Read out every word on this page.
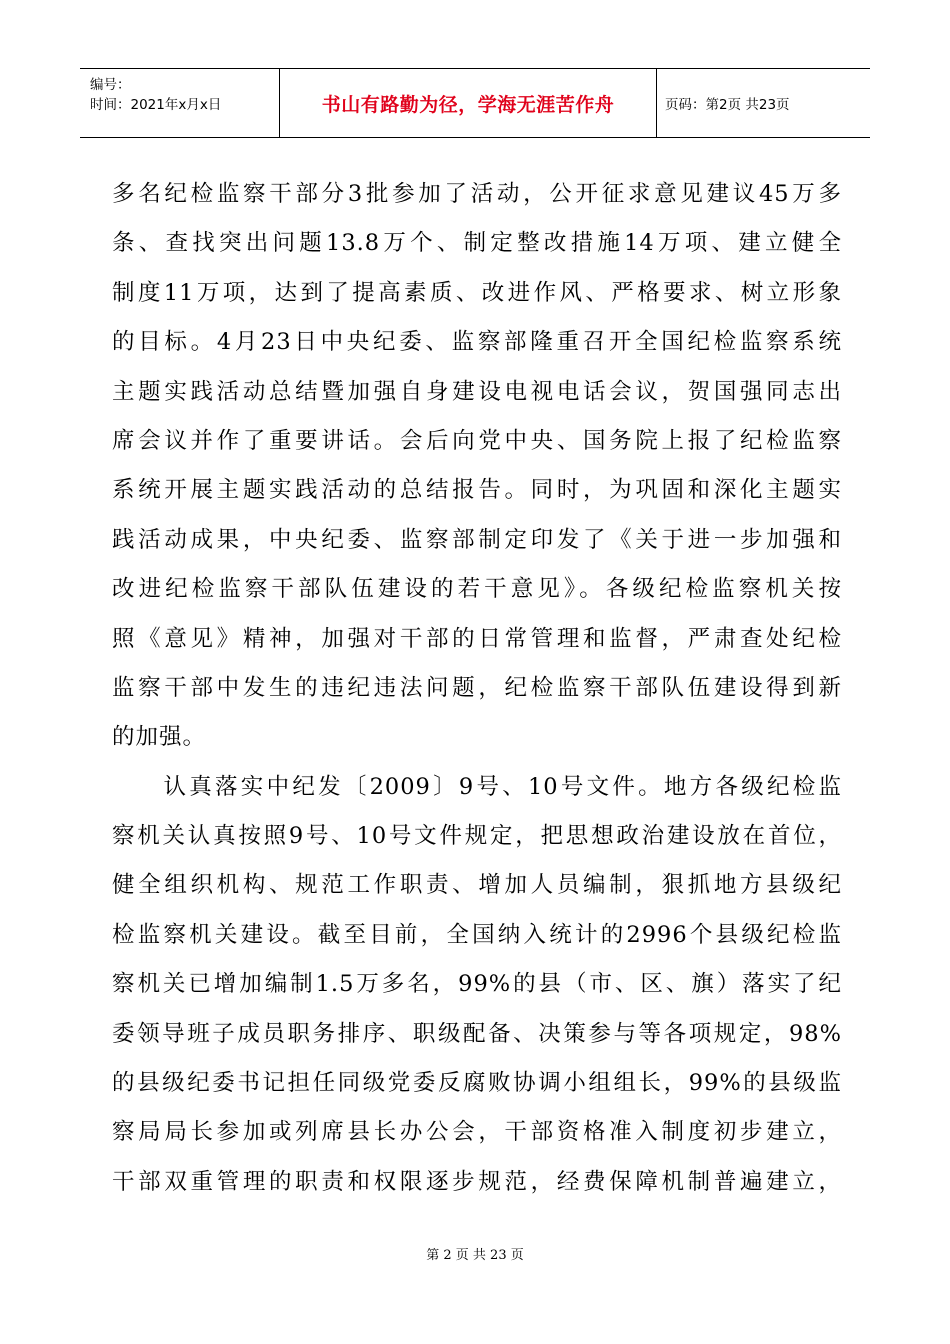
编号：
时间：2021年x月x日	书山有路勤为径，学海无涯苦作舟	页码：第2页 共23页
多名纪检监察干部分3批参加了活动，公开征求意见建议45万多
条、查找突出问题13.8万个、制定整改措施14万项、建立健全
制度11万项，达到了提高素质、改进作风、严格要求、树立形象
的目标。4月23日中央纪委、监察部隆重召开全国纪检监察系统
主题实践活动总结暨加强自身建设电视电话会议，贺国强同志出
席会议并作了重要讲话。会后向党中央、国务院上报了纪检监察
系统开展主题实践活动的总结报告。同时，为巩固和深化主题实
践活动成果，中央纪委、监察部制定印发了《关于进一步加强和
改进纪检监察干部队伍建设的若干意见》。各级纪检监察机关按
照《意见》精神，加强对干部的日常管理和监督，严肃查处纪检
监察干部中发生的违纪违法问题，纪检监察干部队伍建设得到新
的加强。
　　认真落实中纪发〔2009〕9号、10号文件。地方各级纪检监
察机关认真按照9号、10号文件规定，把思想政治建设放在首位，
健全组织机构、规范工作职责、增加人员编制，狠抓地方县级纪
检监察机关建设。截至目前，全国纳入统计的2996个县级纪检监
察机关已增加编制1.5万多名，99%的县（市、区、旗）落实了纪
委领导班子成员职务排序、职级配备、决策参与等各项规定，98%
的县级纪委书记担任同级党委反腐败协调小组组长，99%的县级监
察局局长参加或列席县长办公会，干部资格准入制度初步建立，
干部双重管理的职责和权限逐步规范，经费保障机制普遍建立，
第 2 页 共 23 页
